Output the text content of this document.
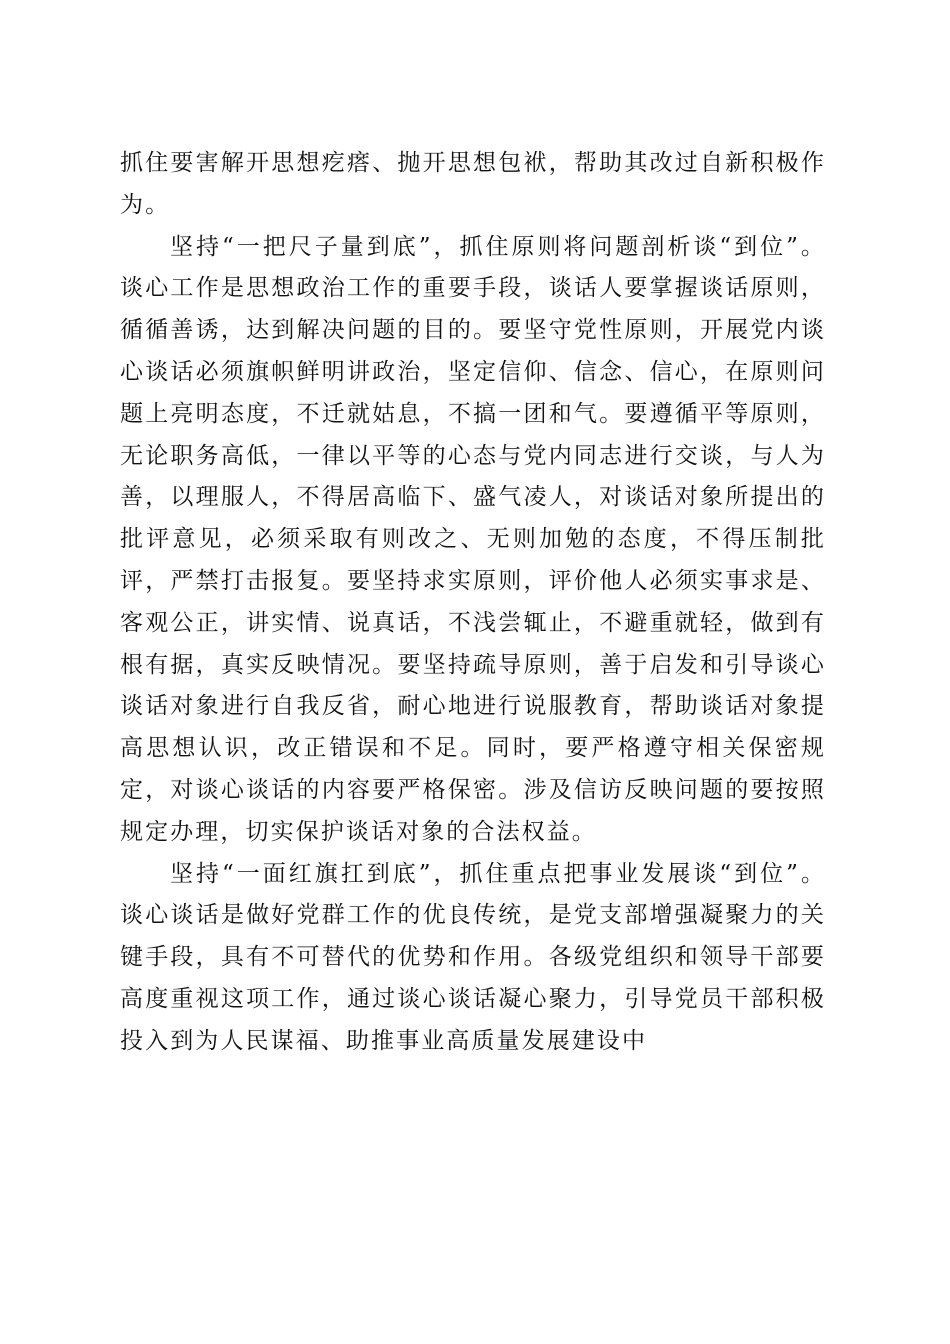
抓住要害解开思想疙瘩、抛开思想包袱，帮助其改过自新积极作为。

坚持“一把尺子量到底”，抓住原则将问题剖析谈“到位”。谈心工作是思想政治工作的重要手段，谈话人要掌握谈话原则，循循善诱，达到解决问题的目的。要坚守党性原则，开展党内谈心谈话必须旗帜鲜明讲政治，坚定信仰、信念、信心，在原则问题上亮明态度，不迁就姑息，不搞一团和气。要遵循平等原则，无论职务高低，一律以平等的心态与党内同志进行交谈，与人为善，以理服人，不得居高临下、盛气凌人，对谈话对象所提出的批评意见，必须采取有则改之、无则加勉的态度，不得压制批评，严禁打击报复。要坚持求实原则，评价他人必须实事求是、客观公正，讲实情、说真话，不浅尝辄止，不避重就轻，做到有根有据，真实反映情况。要坚持疏导原则，善于启发和引导谈心谈话对象进行自我反省，耐心地进行说服教育，帮助谈话对象提高思想认识，改正错误和不足。同时，要严格遵守相关保密规定，对谈心谈话的内容要严格保密。涉及信访反映问题的要按照规定办理，切实保护谈话对象的合法权益。

坚持“一面红旗扛到底”，抓住重点把事业发展谈“到位”。谈心谈话是做好党群工作的优良传统，是党支部增强凝聚力的关键手段，具有不可替代的优势和作用。各级党组织和领导干部要高度重视这项工作，通过谈心谈话凝心聚力，引导党员干部积极投入到为人民谋福、助推事业高质量发展建设中
